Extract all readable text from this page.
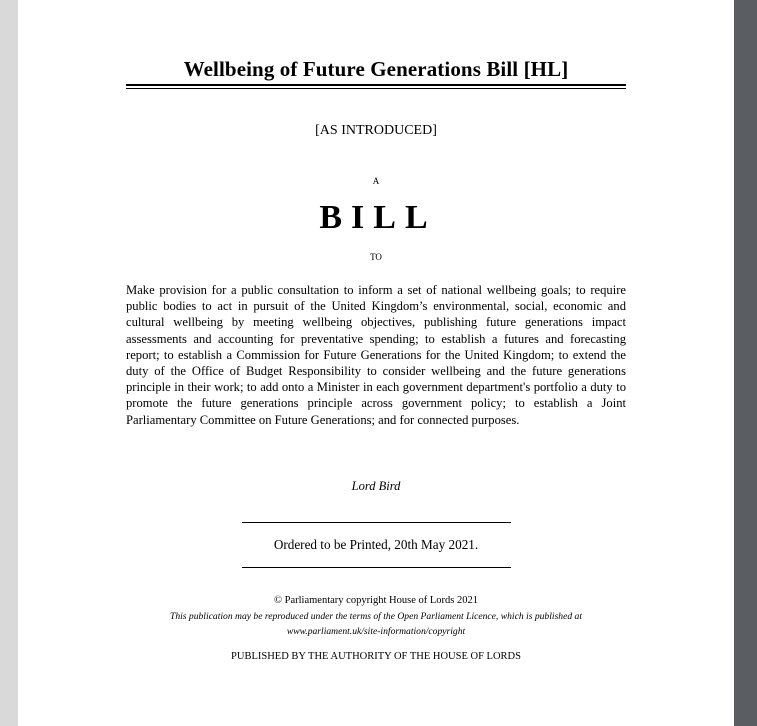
Wellbeing of Future Generations Bill [HL]
[AS INTRODUCED]
A
BILL
TO
Make provision for a public consultation to inform a set of national wellbeing goals; to require public bodies to act in pursuit of the United Kingdom’s environmental, social, economic and cultural wellbeing by meeting wellbeing objectives, publishing future generations impact assessments and accounting for preventative spending; to establish a futures and forecasting report; to establish a Commission for Future Generations for the United Kingdom; to extend the duty of the Office of Budget Responsibility to consider wellbeing and the future generations principle in their work; to add onto a Minister in each government department's portfolio a duty to promote the future generations principle across government policy; to establish a Joint Parliamentary Committee on Future Generations; and for connected purposes.
Lord Bird
Ordered to be Printed, 20th May 2021.
© Parliamentary copyright House of Lords 2021
This publication may be reproduced under the terms of the Open Parliament Licence, which is published at
www.parliament.uk/site-information/copyright
PUBLISHED BY THE AUTHORITY OF THE HOUSE OF LORDS
